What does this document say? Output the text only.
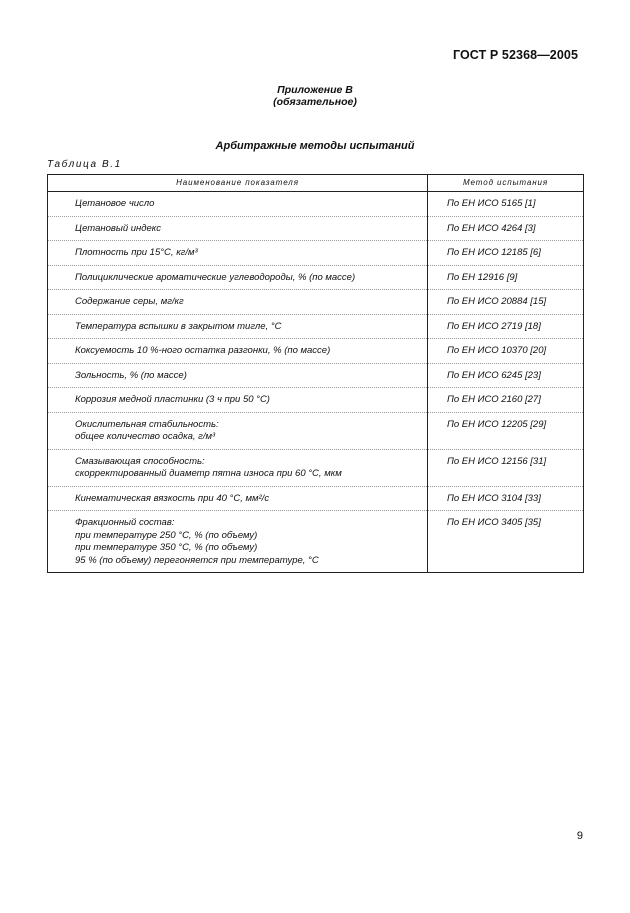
ГОСТ Р 52368—2005
Приложение В
(обязательное)
Арбитражные методы испытаний
Таблица В.1
Наименование показателя	Метод испытания

Цетановое число	По ЕН ИСО 5165 [1]

Цетановый индекс	По ЕН ИСО 4264 [3]

Плотность при 15°С, кг/м³	По ЕН ИСО 12185 [6]

Полициклические ароматические углеводороды, % (по массе)	По ЕН 12916 [9]

Содержание серы, мг/кг	По ЕН ИСО 20884 [15]

Температура вспышки в закрытом тигле, °С	По ЕН ИСО 2719 [18]

Коксуемость 10 %-ного остатка разгонки, % (по массе)	По ЕН ИСО 10370 [20]

Зольность, % (по массе)	По ЕН ИСО 6245 [23]

Коррозия медной пластинки (3 ч при 50 °С)	По ЕН ИСО 2160 [27]

Окислительная стабильность:
общее количество осадка, г/м³	По ЕН ИСО 12205 [29]

Смазывающая способность:
скорректированный диаметр пятна износа при 60 °С, мкм	По ЕН ИСО 12156 [31]

Кинематическая вязкость при 40 °С, мм²/с	По ЕН ИСО 3104 [33]

Фракционный состав:
при температуре 250 °С, % (по объему)
при температуре 350 °С, % (по объему)
95 % (по объему) перегоняется при температуре, °С	По ЕН ИСО 3405 [35]
9
